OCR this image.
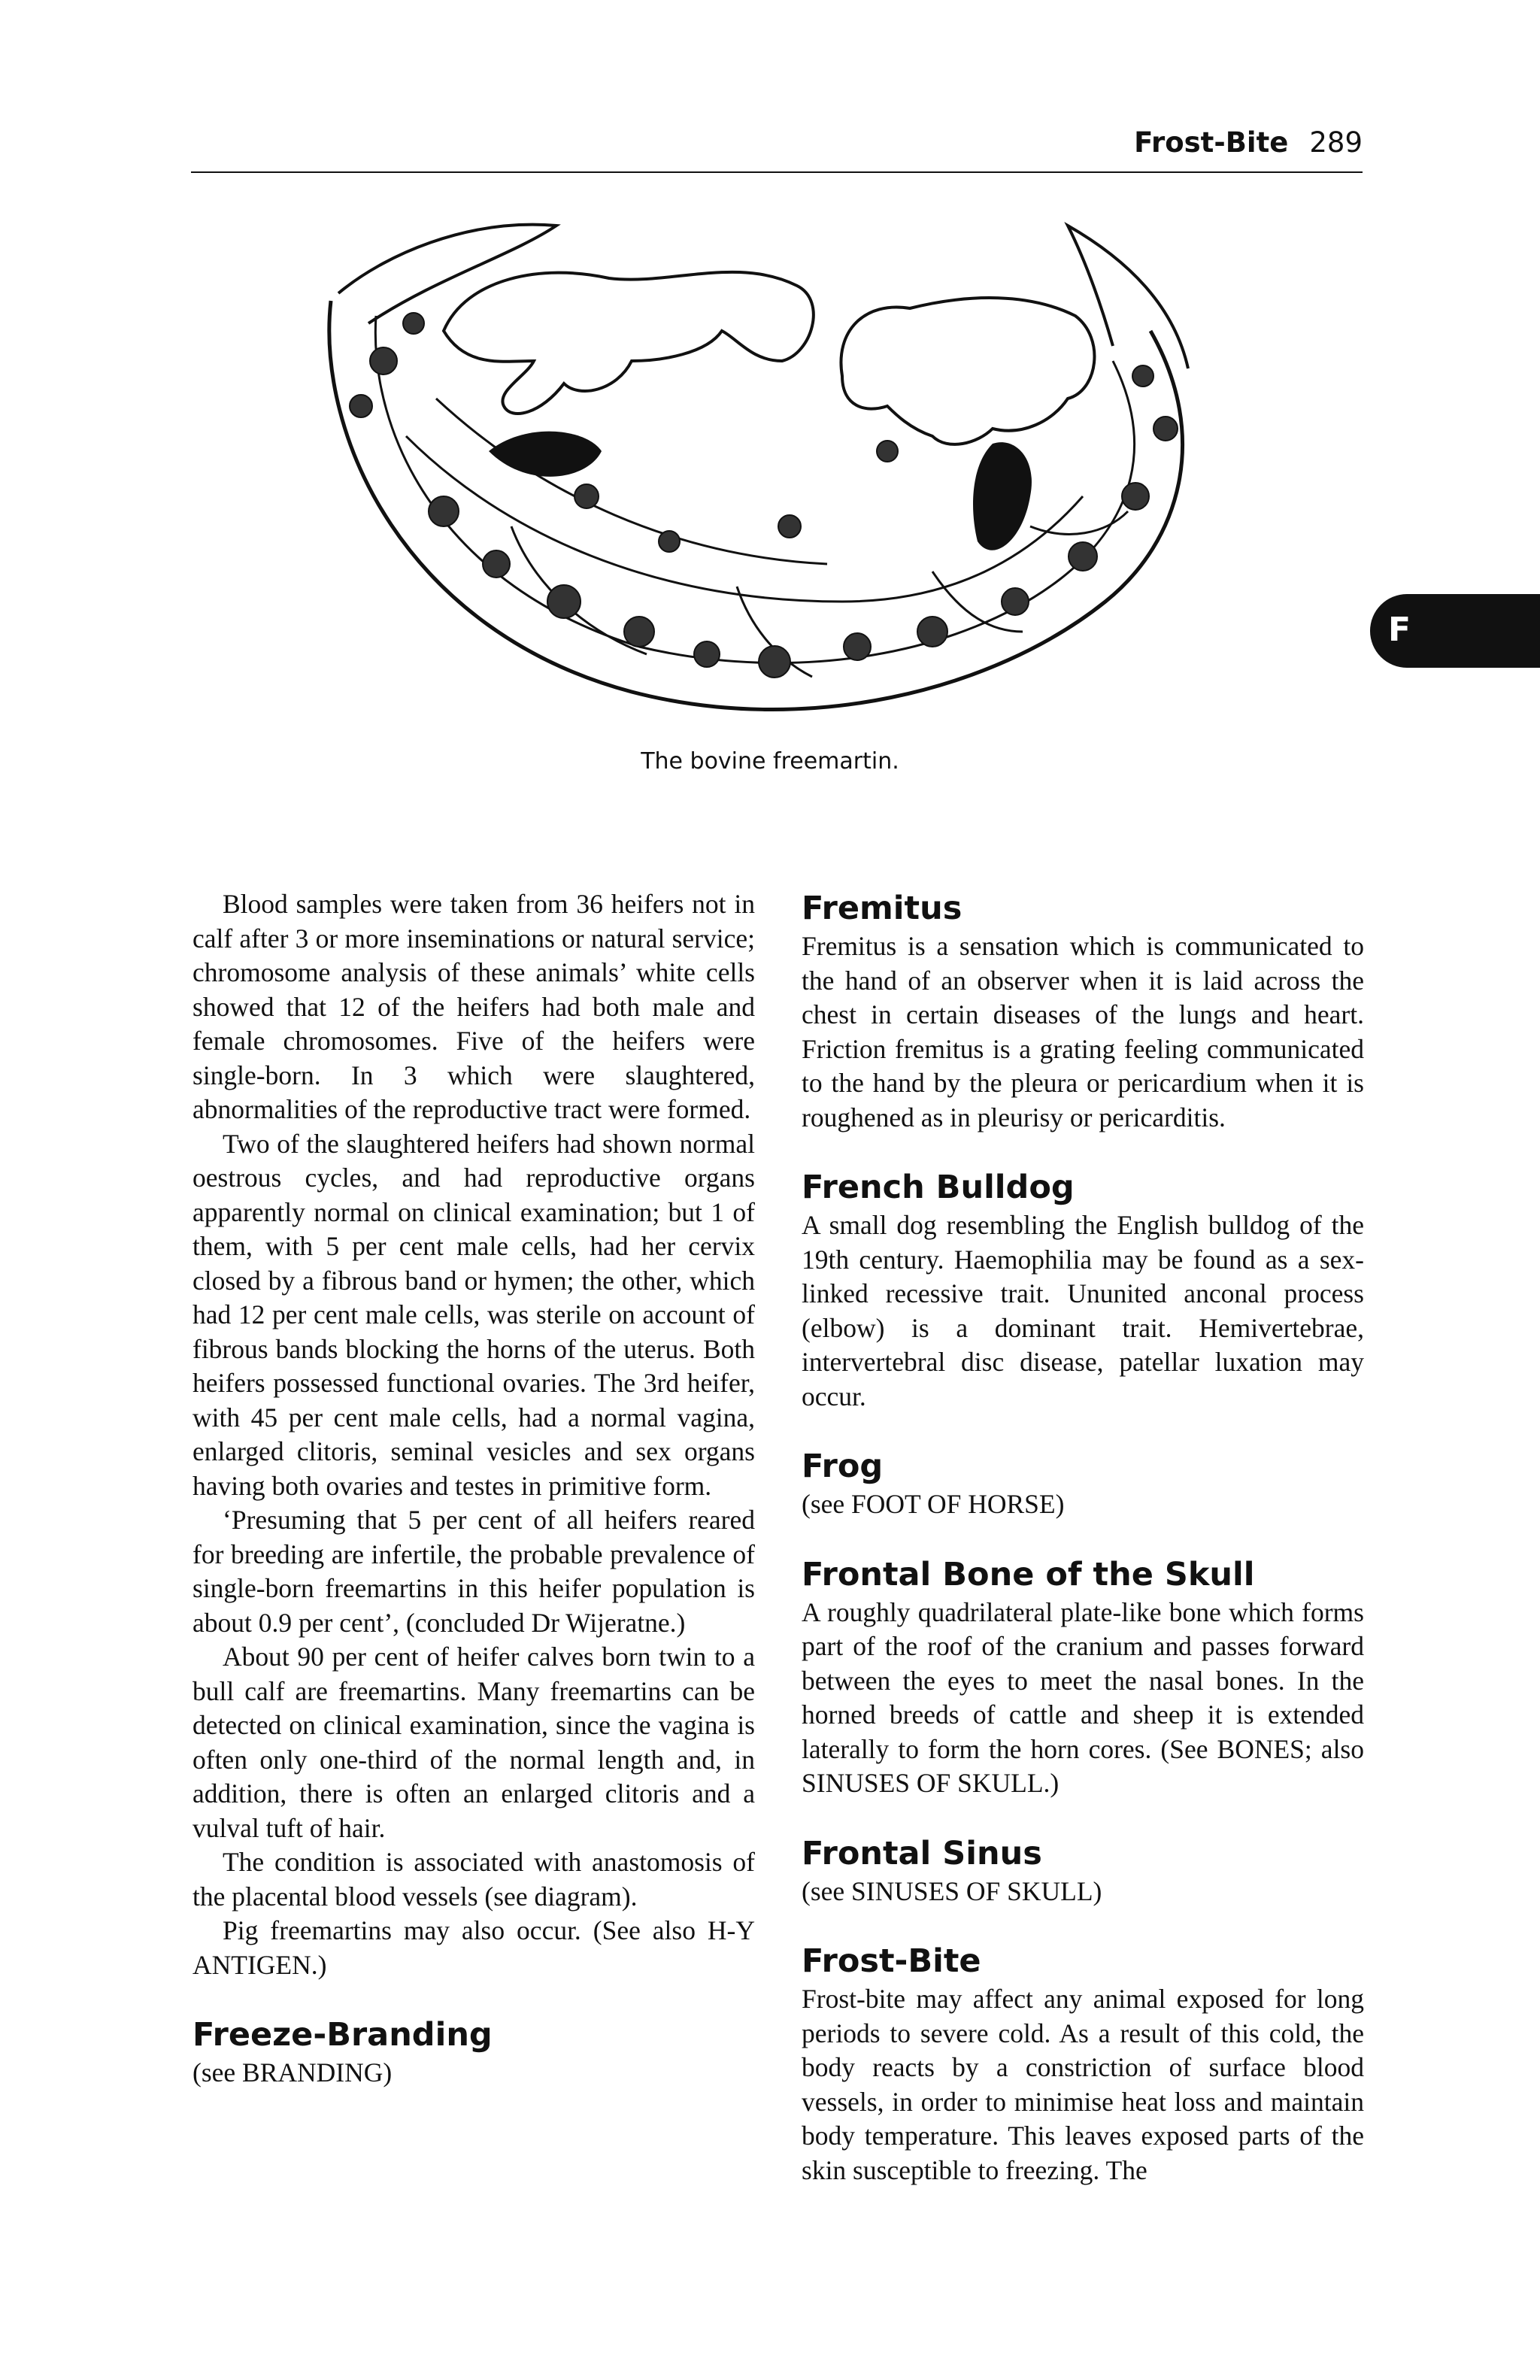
Frost-Bite 289
F
The bovine freemartin.

Blood samples were taken from 36 heifers not in calf after 3 or more inseminations or natural service; chromosome analysis of these animals’ white cells showed that 12 of the heifers had both male and female chromosomes. Five of the heifers were single-born. In 3 which were slaughtered, abnormalities of the reproductive tract were formed.

Two of the slaughtered heifers had shown normal oestrous cycles, and had reproductive organs apparently normal on clinical examination; but 1 of them, with 5 per cent male cells, had her cervix closed by a fibrous band or hymen; the other, which had 12 per cent male cells, was sterile on account of fibrous bands blocking the horns of the uterus. Both heifers possessed functional ovaries. The 3rd heifer, with 45 per cent male cells, had a normal vagina, enlarged clitoris, seminal vesicles and sex organs having both ovaries and testes in primitive form.

‘Presuming that 5 per cent of all heifers reared for breeding are infertile, the probable prevalence of single-born freemartins in this heifer population is about 0.9 per cent’, (concluded Dr Wijeratne.)

About 90 per cent of heifer calves born twin to a bull calf are freemartins. Many freemartins can be detected on clinical examination, since the vagina is often only one-third of the normal length and, in addition, there is often an enlarged clitoris and a vulval tuft of hair.

The condition is associated with anastomosis of the placental blood vessels (see diagram).

Pig freemartins may also occur. (See also H-Y ANTIGEN.)

Freeze-Branding

(see BRANDING)

Fremitus

Fremitus is a sensation which is communicated to the hand of an observer when it is laid across the chest in certain diseases of the lungs and heart. Friction fremitus is a grating feeling communicated to the hand by the pleura or pericardium when it is roughened as in pleurisy or pericarditis.

French Bulldog

A small dog resembling the English bulldog of the 19th century. Haemophilia may be found as a sex-linked recessive trait. Ununited anconal process (elbow) is a dominant trait. Hemivertebrae, intervertebral disc disease, patellar luxation may occur.

Frog

(see FOOT OF HORSE)

Frontal Bone of the Skull

A roughly quadrilateral plate-like bone which forms part of the roof of the cranium and passes forward between the eyes to meet the nasal bones. In the horned breeds of cattle and sheep it is extended laterally to form the horn cores. (See BONES; also SINUSES OF SKULL.)

Frontal Sinus

(see SINUSES OF SKULL)

Frost-Bite

Frost-bite may affect any animal exposed for long periods to severe cold. As a result of this cold, the body reacts by a constriction of surface blood vessels, in order to minimise heat loss and maintain body temperature. This leaves exposed parts of the skin susceptible to freezing. The
